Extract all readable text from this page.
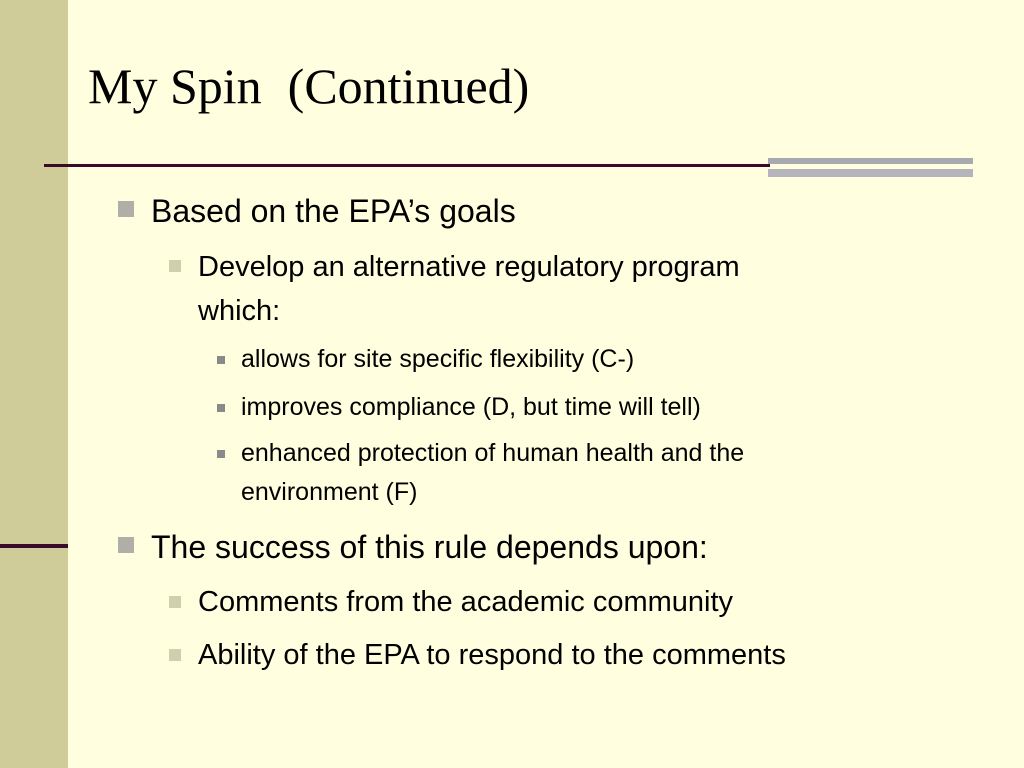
My Spin (Continued)
Based on the EPA’s goals
Develop an alternative regulatory program
which:
allows for site specific flexibility (C-)
improves compliance (D, but time will tell)
enhanced protection of human health and the
environment (F)
The success of this rule depends upon:
Comments from the academic community
Ability of the EPA to respond to the comments
